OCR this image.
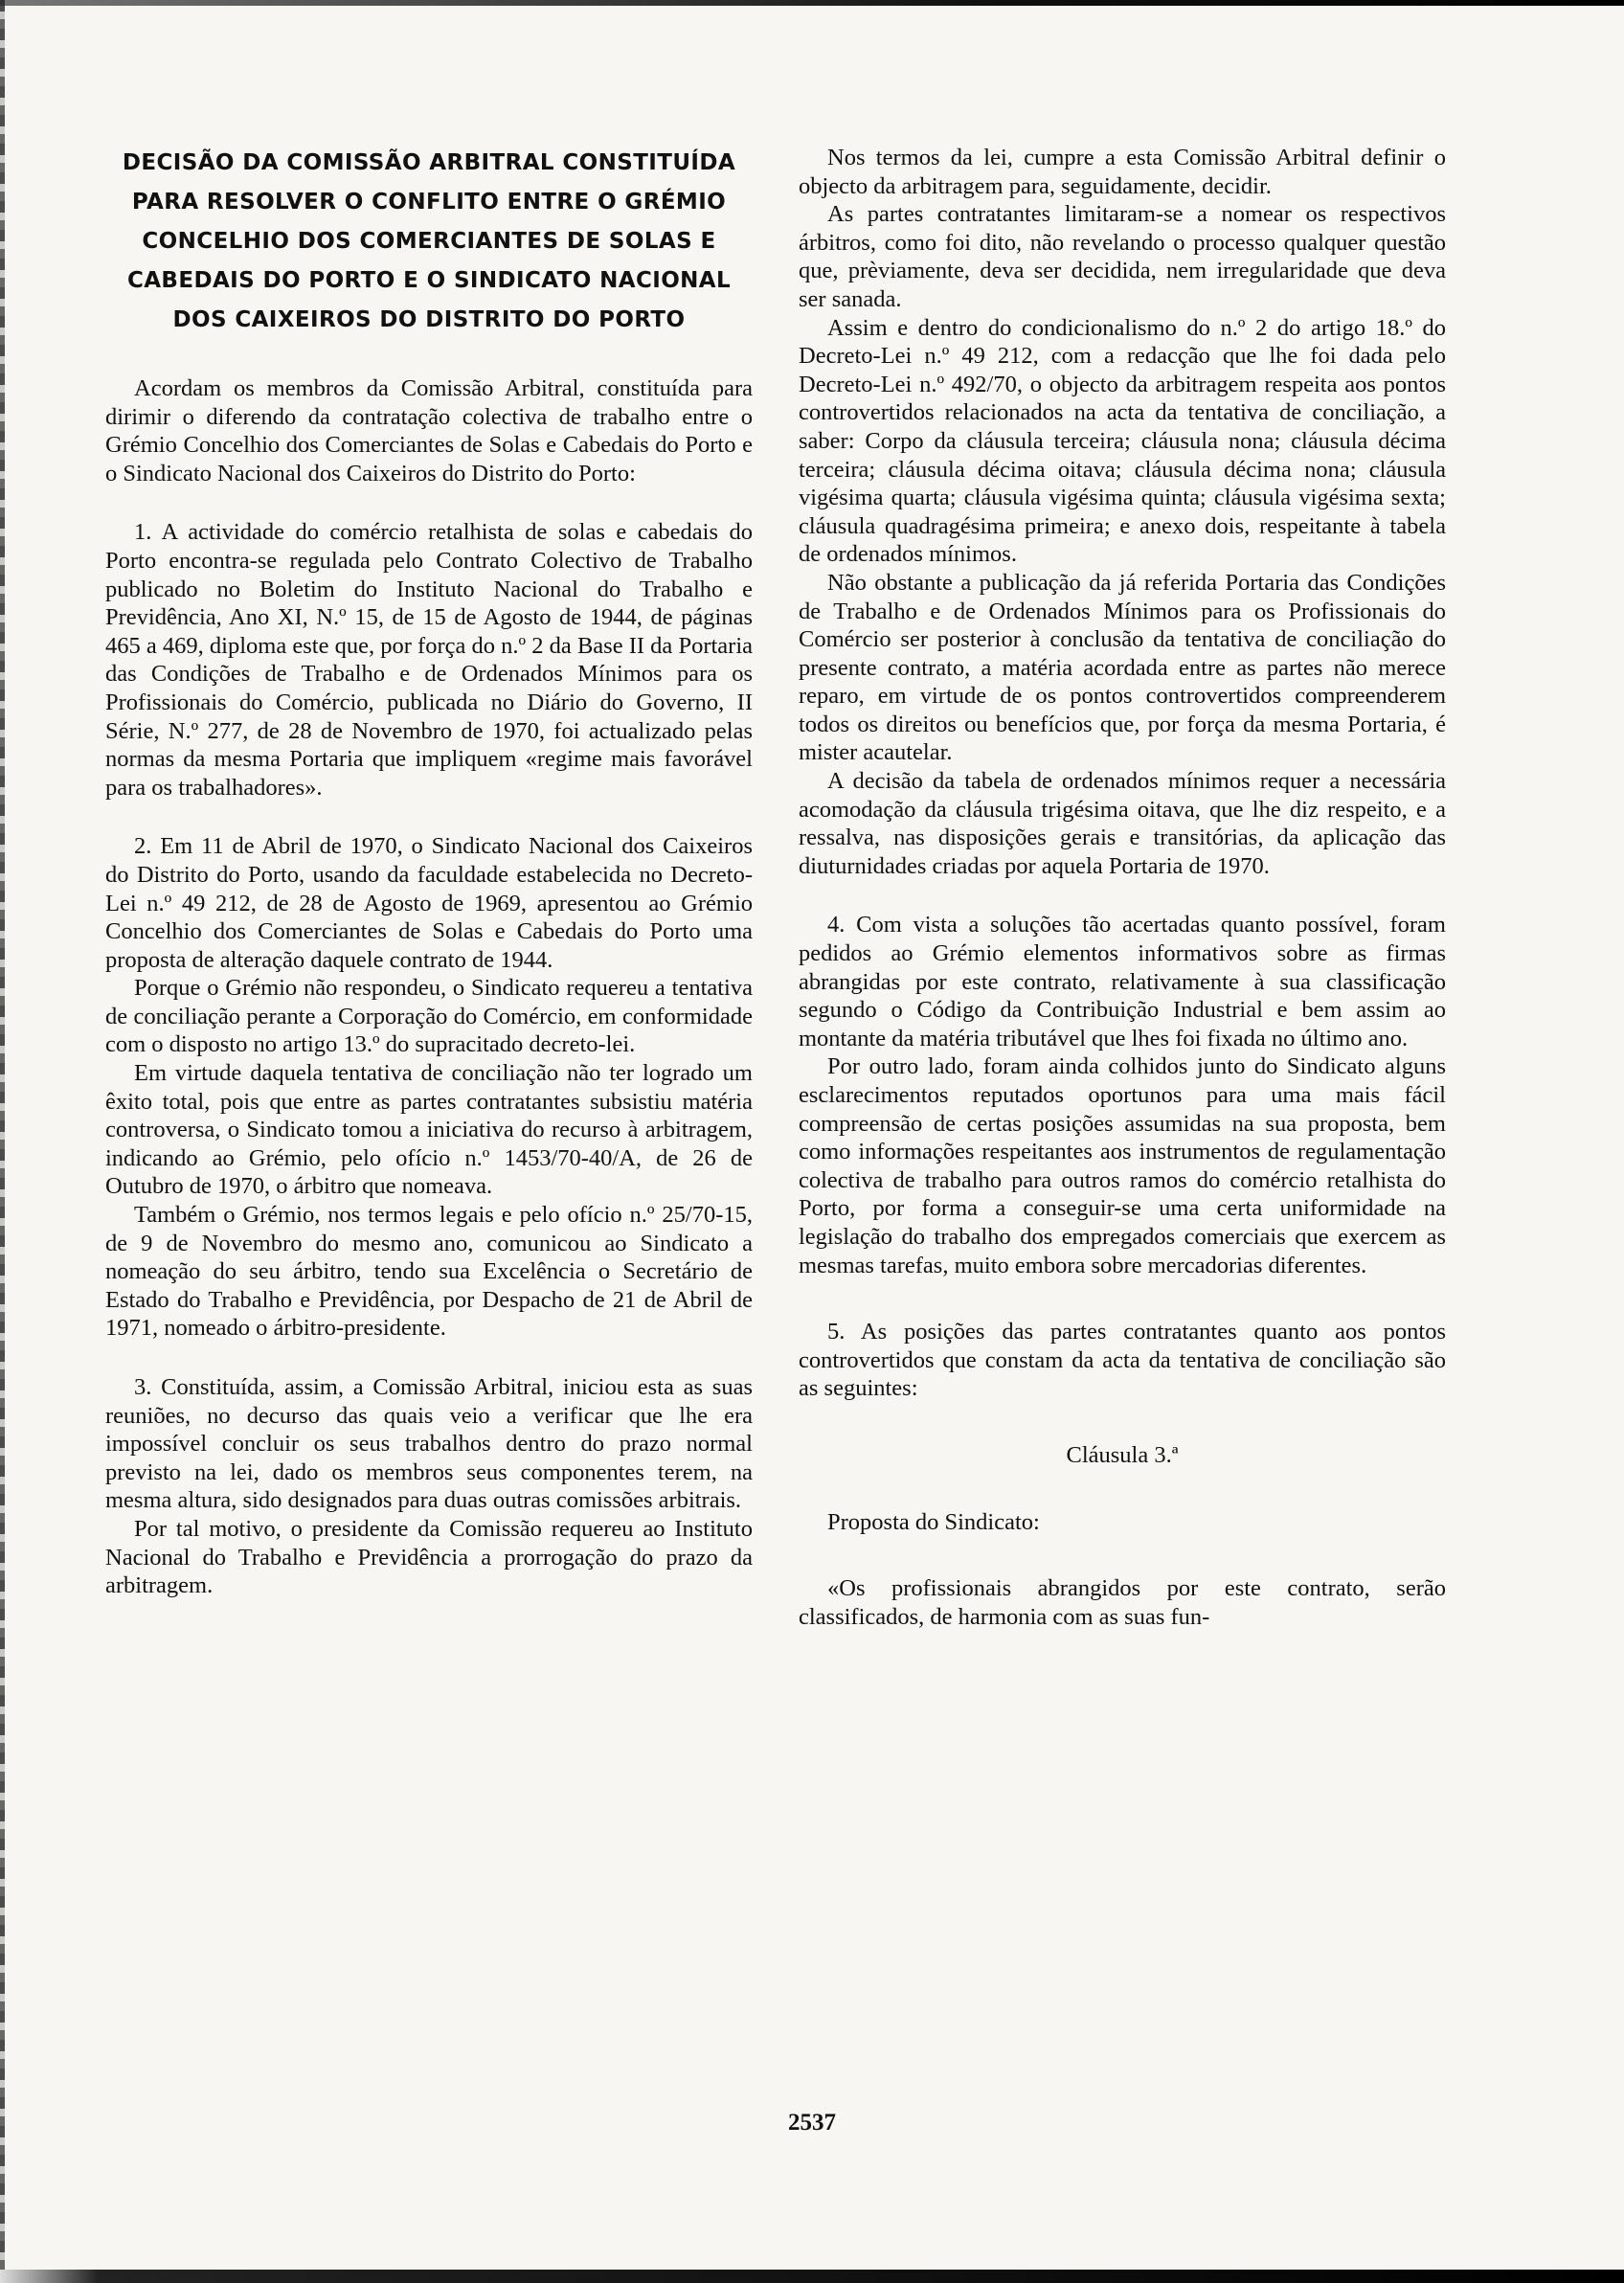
DECISÃO DA COMISSÃO ARBITRAL CONSTITUÍDA PARA RESOLVER O CONFLITO ENTRE O GRÉMIO CONCELHIO DOS COMERCIANTES DE SOLAS E CABEDAIS DO PORTO E O SINDICATO NACIONAL DOS CAIXEIROS DO DISTRITO DO PORTO

Acordam os membros da Comissão Arbitral, constituída para dirimir o diferendo da contratação colectiva de trabalho entre o Grémio Concelhio dos Comerciantes de Solas e Cabedais do Porto e o Sindicato Nacional dos Caixeiros do Distrito do Porto:

1. A actividade do comércio retalhista de solas e cabedais do Porto encontra-se regulada pelo Contrato Colectivo de Trabalho publicado no Boletim do Instituto Nacional do Trabalho e Previdência, Ano XI, N.º 15, de 15 de Agosto de 1944, de páginas 465 a 469, diploma este que, por força do n.º 2 da Base II da Portaria das Condições de Trabalho e de Ordenados Mínimos para os Profissionais do Comércio, publicada no Diário do Governo, II Série, N.º 277, de 28 de Novembro de 1970, foi actualizado pelas normas da mesma Portaria que impliquem «regime mais favorável para os trabalhadores».

2. Em 11 de Abril de 1970, o Sindicato Nacional dos Caixeiros do Distrito do Porto, usando da faculdade estabelecida no Decreto-Lei n.º 49 212, de 28 de Agosto de 1969, apresentou ao Grémio Concelhio dos Comerciantes de Solas e Cabedais do Porto uma proposta de alteração daquele contrato de 1944.

Porque o Grémio não respondeu, o Sindicato requereu a tentativa de conciliação perante a Corporação do Comércio, em conformidade com o disposto no artigo 13.º do supracitado decreto-lei.

Em virtude daquela tentativa de conciliação não ter logrado um êxito total, pois que entre as partes contratantes subsistiu matéria controversa, o Sindicato tomou a iniciativa do recurso à arbitragem, indicando ao Grémio, pelo ofício n.º 1453/70-40/A, de 26 de Outubro de 1970, o árbitro que nomeava.

Também o Grémio, nos termos legais e pelo ofício n.º 25/70-15, de 9 de Novembro do mesmo ano, comunicou ao Sindicato a nomeação do seu árbitro, tendo sua Excelência o Secretário de Estado do Trabalho e Previdência, por Despacho de 21 de Abril de 1971, nomeado o árbitro-presidente.

3. Constituída, assim, a Comissão Arbitral, iniciou esta as suas reuniões, no decurso das quais veio a verificar que lhe era impossível concluir os seus trabalhos dentro do prazo normal previsto na lei, dado os membros seus componentes terem, na mesma altura, sido designados para duas outras comissões arbitrais.

Por tal motivo, o presidente da Comissão requereu ao Instituto Nacional do Trabalho e Previdência a prorrogação do prazo da arbitragem.

Nos termos da lei, cumpre a esta Comissão Arbitral definir o objecto da arbitragem para, seguidamente, decidir.

As partes contratantes limitaram-se a nomear os respectivos árbitros, como foi dito, não revelando o processo qualquer questão que, prèviamente, deva ser decidida, nem irregularidade que deva ser sanada.

Assim e dentro do condicionalismo do n.º 2 do artigo 18.º do Decreto-Lei n.º 49 212, com a redacção que lhe foi dada pelo Decreto-Lei n.º 492/70, o objecto da arbitragem respeita aos pontos controvertidos relacionados na acta da tentativa de conciliação, a saber: Corpo da cláusula terceira; cláusula nona; cláusula décima terceira; cláusula décima oitava; cláusula décima nona; cláusula vigésima quarta; cláusula vigésima quinta; cláusula vigésima sexta; cláusula quadragésima primeira; e anexo dois, respeitante à tabela de ordenados mínimos.

Não obstante a publicação da já referida Portaria das Condições de Trabalho e de Ordenados Mínimos para os Profissionais do Comércio ser posterior à conclusão da tentativa de conciliação do presente contrato, a matéria acordada entre as partes não merece reparo, em virtude de os pontos controvertidos compreenderem todos os direitos ou benefícios que, por força da mesma Portaria, é mister acautelar.

A decisão da tabela de ordenados mínimos requer a necessária acomodação da cláusula trigésima oitava, que lhe diz respeito, e a ressalva, nas disposições gerais e transitórias, da aplicação das diuturnidades criadas por aquela Portaria de 1970.

4. Com vista a soluções tão acertadas quanto possível, foram pedidos ao Grémio elementos informativos sobre as firmas abrangidas por este contrato, relativamente à sua classificação segundo o Código da Contribuição Industrial e bem assim ao montante da matéria tributável que lhes foi fixada no último ano.

Por outro lado, foram ainda colhidos junto do Sindicato alguns esclarecimentos reputados oportunos para uma mais fácil compreensão de certas posições assumidas na sua proposta, bem como informações respeitantes aos instrumentos de regulamentação colectiva de trabalho para outros ramos do comércio retalhista do Porto, por forma a conseguir-se uma certa uniformidade na legislação do trabalho dos empregados comerciais que exercem as mesmas tarefas, muito embora sobre mercadorias diferentes.

5. As posições das partes contratantes quanto aos pontos controvertidos que constam da acta da tentativa de conciliação são as seguintes:

Cláusula 3.ª

Proposta do Sindicato:

«Os profissionais abrangidos por este contrato, serão classificados, de harmonia com as suas fun-

2537
